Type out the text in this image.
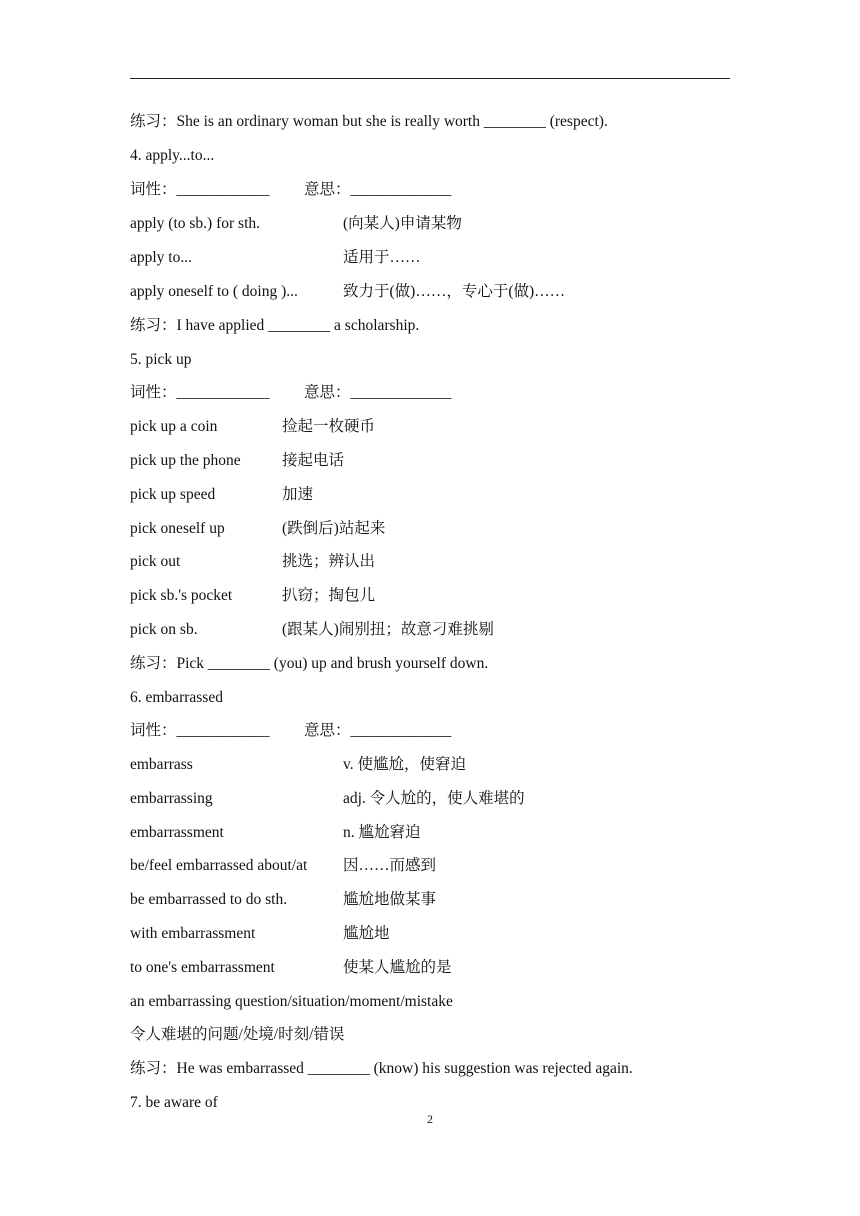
练习：She is an ordinary woman but she is really worth ________ (respect).
4. apply...to...
词性：____________ 意思：_____________
apply (to sb.) for sth.	(向某人)申请某物
apply to...	适用于……
apply oneself to ( doing )...	致力于(做)……，专心于(做)……
练习：I have applied ________ a scholarship.
5. pick up
词性：____________ 意思：_____________
pick up a coin	捡起一枚硬币
pick up the phone	接起电话
pick up speed	加速
pick oneself up	(跌倒后)站起来
pick out	挑选；辨认出
pick sb.'s pocket	扒窃；掏包儿
pick on sb.	(跟某人)闹别扭；故意刁难挑剔
练习：Pick ________ (you) up and brush yourself down.
6. embarrassed
词性：____________ 意思：_____________
embarrass	v. 使尴尬，使窘迫
embarrassing	adj. 令人尬的，使人难堪的
embarrassment	n. 尴尬窘迫
be/feel embarrassed about/at 因……而感到
be embarrassed to do sth.	尴尬地做某事
with embarrassment	尴尬地
to one's embarrassment	使某人尴尬的是
an embarrassing question/situation/moment/mistake
令人难堪的问题/处境/时刻/错误
练习：He was embarrassed ________ (know) his suggestion was rejected again.
7. be aware of
2
